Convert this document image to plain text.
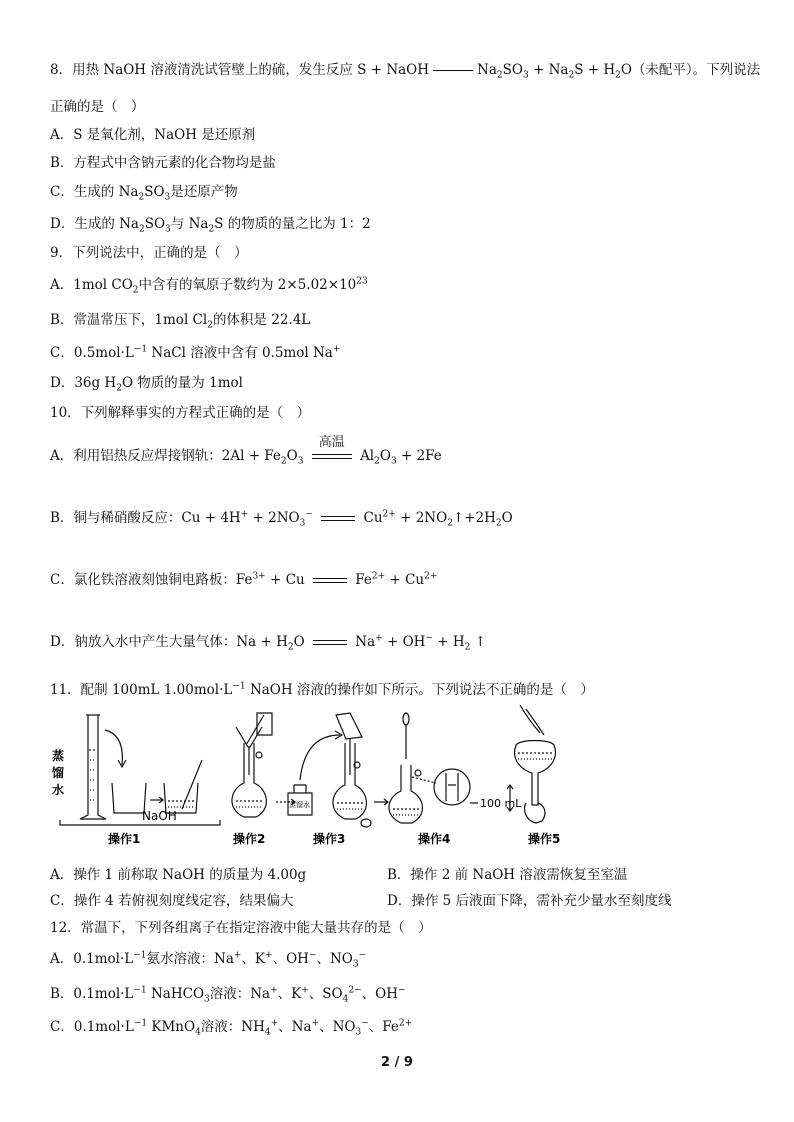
8．用热 NaOH 溶液清洗试管壁上的硫，发生反应 S + NaOH	$Na_2SO_3 + Na_2S + H_2O$（未配平）。下列说法
正确的是（　）
A．S 是氧化剂，NaOH 是还原剂
B．方程式中含钠元素的化合物均是盐
C．生成的 $Na_2SO_3$是还原产物
D．生成的 $Na_2SO_3$与 $Na_2S$ 的物质的量之比为 1：2
9．下列说法中，正确的是（　）
A．1mol $CO_2$中含有的氧原子数约为 $2\times 5.02\times 10^{23}$
B．常温常压下，1mol $Cl_2$的体积是 22.4L
C．$0.5mol\cdot L^{-1}$ NaCl 溶液中含有 0.5mol Na+
D．36g $H_2O$ 物质的量为 1mol
10．下列解释事实的方程式正确的是（　）
A．利用铝热反应焊接钢轨：$2Al + Fe_2O_3$
高温
$Al_2O_3 + 2Fe$
B．铜与稀硝酸反应：$Cu + 4H^+ + 2NO_3^-$	$Cu^{2+}$ + $2NO_2↑+2H_2O$
C．氯化铁溶液刻蚀铜电路板：$Fe^{3+} + Cu$	$Fe^{2+} + Cu^{2+}$
D．钠放入水中产生大量气体：$Na + H_2O$	$Na^+ + OH^- + H_2$ ↑
11．配制 100mL $1.00mol\cdot L^{-1}$ NaOH 溶液的操作如下所示。下列说法不正确的是（　）
蒸
馏
水
NaOH
蒸馏水	100 mL
操作1	操作2	操作3	操作4	操作5
A．操作 1 前称取 NaOH 的质量为 4.00g	B．操作 2 前 NaOH 溶液需恢复至室温
C．操作 4 若俯视刻度线定容，结果偏大	D．操作 5 后液面下降，需补充少量水至刻度线
12．常温下，下列各组离子在指定溶液中能大量共存的是（　）
A．$0.1mol\cdot L^{-1}$氨水溶液：Na+、K+、OH−、$NO_3^-$
B．$0.1mol\cdot L^{-1}$ NaHCO$_3$溶液：Na+、K+、$SO_4^{2-}$、OH−
C．$0.1mol\cdot L^{-1}$ KMnO$_4$溶液：$NH_4^+$、Na+、$NO_3^-$、$Fe^{2+}$
2 / 9
